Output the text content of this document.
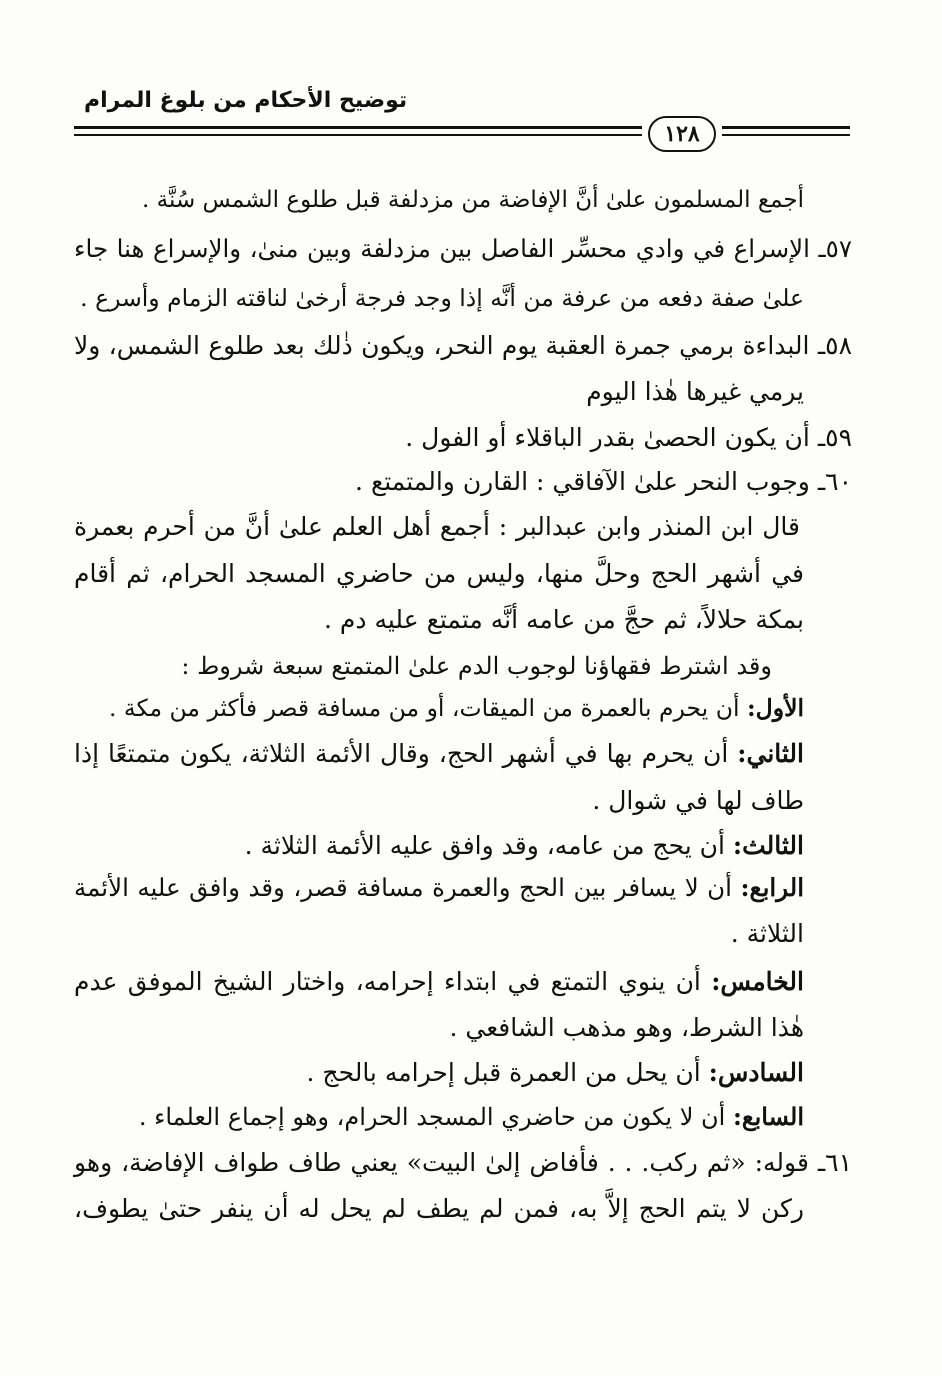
توضيح الأحكام من بلوغ المرام
١٢٨
أجمع المسلمون علىٰ أنَّ الإفاضة من مزدلفة قبل طلوع الشمس سُنَّة .
٥٧ـ الإسراع في وادي محسِّر الفاصل بين مزدلفة وبين منىٰ، والإسراع هنا جاء
علىٰ صفة دفعه من عرفة من أنَّه إذا وجد فرجة أرخىٰ لناقته الزمام وأسرع .
٥٨ـ البداءة برمي جمرة العقبة يوم النحر، ويكون ذٰلك بعد طلوع الشمس، ولا
يرمي غيرها هٰذا اليوم
٥٩ـ أن يكون الحصىٰ بقدر الباقلاء أو الفول .
٦٠ـ وجوب النحر علىٰ الآفاقي : القارن والمتمتع .
قال ابن المنذر وابن عبدالبر : أجمع أهل العلم علىٰ أنَّ من أحرم بعمرة
في أشهر الحج وحلَّ منها، وليس من حاضري المسجد الحرام، ثم أقام
بمكة حلالاً، ثم حجَّ من عامه أنَّه متمتع عليه دم .
وقد اشترط فقهاؤنا لوجوب الدم علىٰ المتمتع سبعة شروط :
الأول: أن يحرم بالعمرة من الميقات، أو من مسافة قصر فأكثر من مكة .
الثاني: أن يحرم بها في أشهر الحج، وقال الأئمة الثلاثة، يكون متمتعًا إذا
طاف لها في شوال .
الثالث: أن يحج من عامه، وقد وافق عليه الأئمة الثلاثة .
الرابع: أن لا يسافر بين الحج والعمرة مسافة قصر، وقد وافق عليه الأئمة
الثلاثة .
الخامس: أن ينوي التمتع في ابتداء إحرامه، واختار الشيخ الموفق عدم
هٰذا الشرط، وهو مذهب الشافعي .
السادس: أن يحل من العمرة قبل إحرامه بالحج .
السابع: أن لا يكون من حاضري المسجد الحرام، وهو إجماع العلماء .
٦١ـ قوله: «ثم ركب. . . فأفاض إلىٰ البيت» يعني طاف طواف الإفاضة، وهو
ركن لا يتم الحج إلاَّ به، فمن لم يطف لم يحل له أن ينفر حتىٰ يطوف،
